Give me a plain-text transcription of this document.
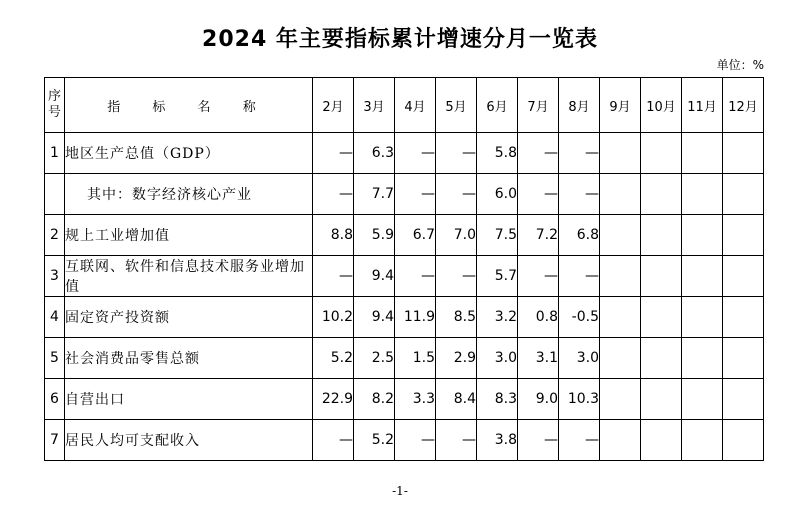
2024 年主要指标累计增速分月一览表
单位：%
序号	指 标 名 称	2月	3月	4月	5月	6月	7月	8月	9月	10月	11月	12月
1	地区生产总值（GDP）	—	6.3	—	—	5.8	—	—				
	其中：数字经济核心产业	—	7.7	—	—	6.0	—	—				
2	规上工业增加值	8.8	5.9	6.7	7.0	7.5	7.2	6.8				
3	互联网、软件和信息技术服务业增加值	—	9.4	—	—	5.7	—	—				
4	固定资产投资额	10.2	9.4	11.9	8.5	3.2	0.8	-0.5				
5	社会消费品零售总额	5.2	2.5	1.5	2.9	3.0	3.1	3.0				
6	自营出口	22.9	8.2	3.3	8.4	8.3	9.0	10.3				
7	居民人均可支配收入	—	5.2	—	—	3.8	—	—				
-1-
